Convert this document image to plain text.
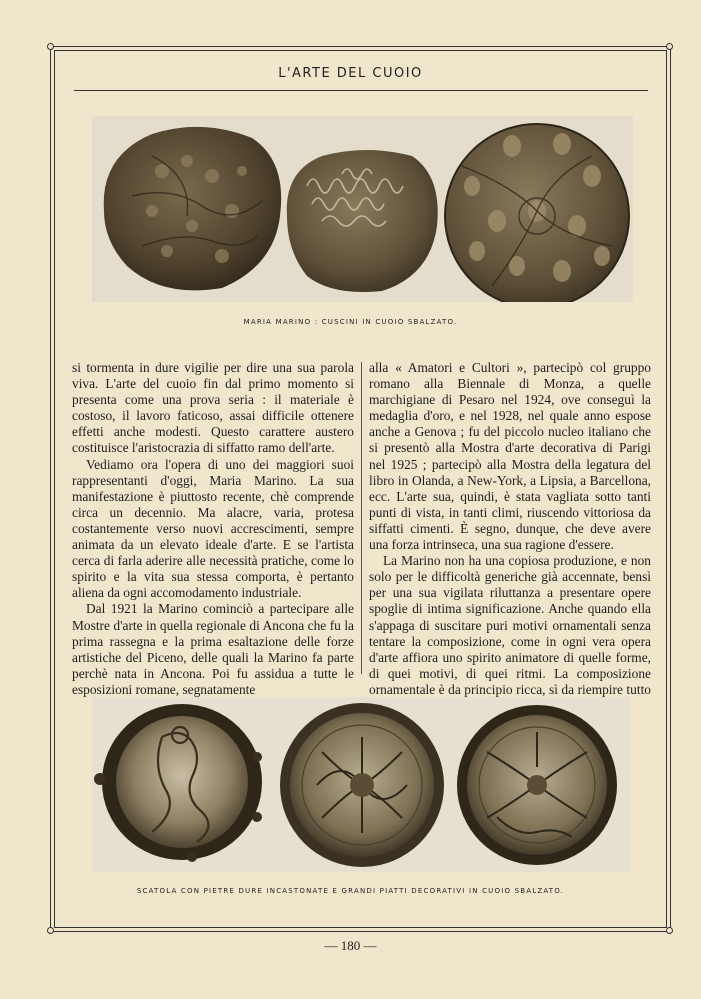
L'ARTE DEL CUOIO
MARIA MARINO : CUSCINI IN CUOIO SBALZATO.

si tormenta in dure vigilie per dire una sua parola viva. L'arte del cuoio fin dal primo momento si presenta come una prova seria : il materiale è costoso, il lavoro faticoso, assai difficile ottenere effetti anche modesti. Questo carattere austero costituisce l'aristocrazia di siffatto ramo dell'arte.

Vediamo ora l'opera di uno dei maggiori suoi rappresentanti d'oggi, Maria Marino. La sua manifestazione è piuttosto recente, chè comprende circa un decennio. Ma alacre, varia, protesa costantemente verso nuovi accrescimenti, sempre animata da un elevato ideale d'arte. E se l'artista cerca di farla aderire alle necessità pratiche, come lo spirito e la vita sua stessa comporta, è pertanto aliena da ogni accomodamento industriale.

Dal 1921 la Marino cominciò a partecipare alle Mostre d'arte in quella regionale di Ancona che fu la prima rassegna e la prima esaltazione delle forze artistiche del Piceno, delle quali la Marino fa parte perchè nata in Ancona. Poi fu assidua a tutte le esposizioni romane, segnatamente

alla « Amatori e Cultori », partecipò col gruppo romano alla Biennale di Monza, a quelle marchigiane di Pesaro nel 1924, ove conseguì la medaglia d'oro, e nel 1928, nel quale anno espose anche a Genova ; fu del piccolo nucleo italiano che si presentò alla Mostra d'arte decorativa di Parigi nel 1925 ; partecipò alla Mostra della legatura del libro in Olanda, a New-York, a Lipsia, a Barcellona, ecc. L'arte sua, quindi, è stata vagliata sotto tanti punti di vista, in tanti climi, riuscendo vittoriosa da siffatti cimenti. È segno, dunque, che deve avere una forza intrinseca, una sua ragione d'essere.

La Marino non ha una copiosa produzione, e non solo per le difficoltà generiche già accennate, bensì per una sua vigilata riluttanza a presentare opere spoglie di intima significazione. Anche quando ella s'appaga di suscitare puri motivi ornamentali senza tentare la composizione, come in ogni vera opera d'arte affiora uno spirito animatore di quelle forme, di quei motivi, di quei ritmi. La composizione ornamentale è da principio ricca, sì da riempire tutto

SCATOLA CON PIETRE DURE INCASTONATE E GRANDI PIATTI DECORATIVI IN CUOIO SBALZATO.
— 180 —
